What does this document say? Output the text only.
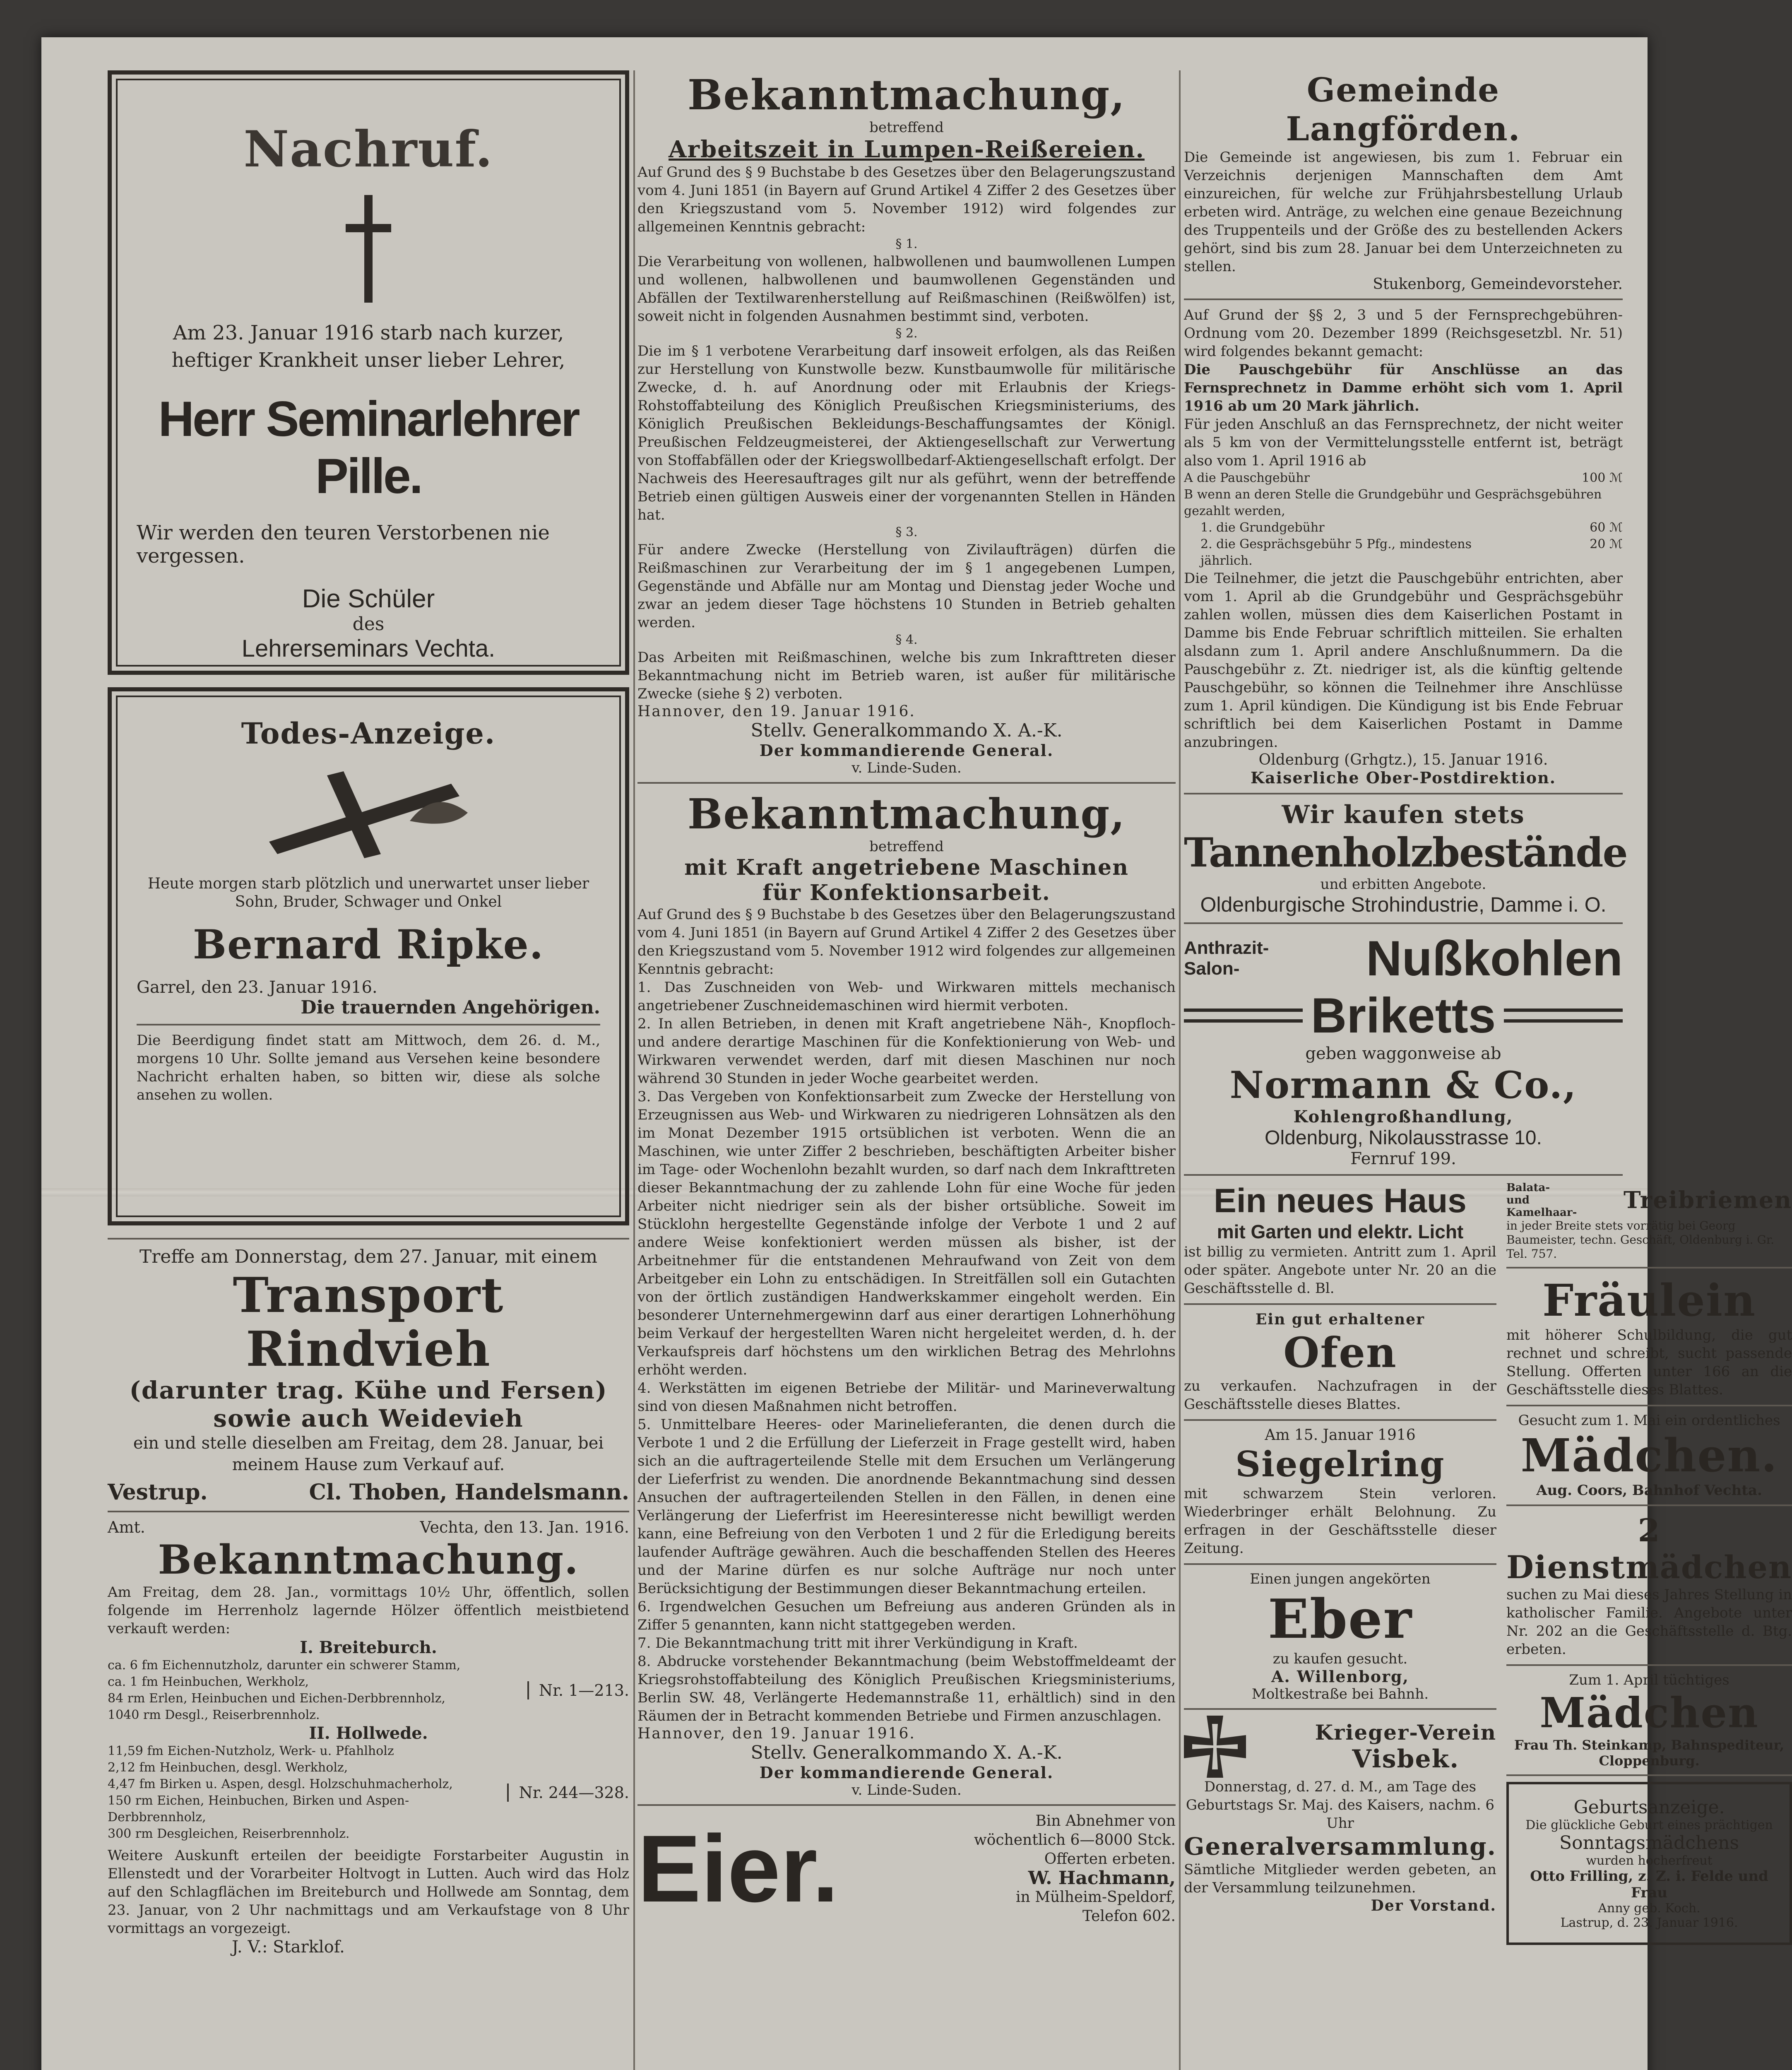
Nachruf.
Am 23. Januar 1916 starb nach kurzer, heftiger Krankheit unser lieber Lehrer,
Herr Seminarlehrer Pille.
Wir werden den teuren Verstorbenen nie vergessen.
Die Schüler
des
Lehrerseminars Vechta.
Todes-Anzeige.
Heute morgen starb plötzlich und unerwartet unser lieber Sohn, Bruder, Schwager und Onkel
Bernard Ripke.
Garrel, den 23. Januar 1916.
Die trauernden Angehörigen.
Die Beerdigung findet statt am Mittwoch, dem 26. d. M., morgens 10 Uhr. Sollte jemand aus Versehen keine besondere Nachricht erhalten haben, so bitten wir, diese als solche ansehen zu wollen.
Treffe am Donnerstag, dem 27. Januar, mit einem
Transport Rindvieh
(darunter trag. Kühe und Fersen)
sowie auch Weidevieh
ein und stelle dieselben am Freitag, dem 28. Januar, bei meinem Hause zum Verkauf auf.
Vestrup.	Cl. Thoben, Handelsmann.
Amt.	Vechta, den 13. Jan. 1916.
Bekanntmachung.
Am Freitag, dem 28. Jan., vormittags 10½ Uhr, öffentlich, sollen folgende im Herrenholz lagernde Hölzer öffentlich meistbietend verkauft werden:
I. Breiteburch.
ca. 6 fm Eichennutzholz, darunter ein schwerer Stamm,
ca. 1 fm Heinbuchen, Werkholz,
84 rm Erlen, Heinbuchen und Eichen-Derbbrennholz,
1040 rm Desgl., Reiserbrennholz.
Nr. 1—213.
II. Hollwede.
11,59 fm Eichen-Nutzholz, Werk- u. Pfahlholz
2,12 fm Heinbuchen, desgl. Werkholz,
4,47 fm Birken u. Aspen, desgl. Holzschuhmacherholz,
150 rm Eichen, Heinbuchen, Birken und Aspen-Derbbrennholz,
300 rm Desgleichen, Reiserbrennholz.
Nr. 244—328.
Weitere Auskunft erteilen der beeidigte Forstarbeiter Augustin in Ellenstedt und der Vorarbeiter Holtvogt in Lutten. Auch wird das Holz auf den Schlagflächen im Breiteburch und Hollwede am Sonntag, dem 23. Januar, von 2 Uhr nachmittags und am Verkaufstage von 8 Uhr vormittags an vorgezeigt.
J. V.: Starklof.
Bekanntmachung,
betreffend
Arbeitszeit in Lumpen-Reißereien.
Auf Grund des § 9 Buchstabe b des Gesetzes über den Belagerungszustand vom 4. Juni 1851 (in Bayern auf Grund Artikel 4 Ziffer 2 des Gesetzes über den Kriegszustand vom 5. November 1912) wird folgendes zur allgemeinen Kenntnis gebracht:
§ 1.
Die Verarbeitung von wollenen, halbwollenen und baumwollenen Lumpen und wollenen, halbwollenen und baumwollenen Gegenständen und Abfällen der Textilwarenherstellung auf Reißmaschinen (Reißwölfen) ist, soweit nicht in folgenden Ausnahmen bestimmt sind, verboten.
§ 2.
Die im § 1 verbotene Verarbeitung darf insoweit erfolgen, als das Reißen zur Herstellung von Kunstwolle bezw. Kunstbaumwolle für militärische Zwecke, d. h. auf Anordnung oder mit Erlaubnis der Kriegs-Rohstoffabteilung des Königlich Preußischen Kriegsministeriums, des Königlich Preußischen Bekleidungs-Beschaffungsamtes der Königl. Preußischen Feldzeugmeisterei, der Aktiengesellschaft zur Verwertung von Stoffabfällen oder der Kriegswollbedarf-Aktiengesellschaft erfolgt. Der Nachweis des Heeresauftrages gilt nur als geführt, wenn der betreffende Betrieb einen gültigen Ausweis einer der vorgenannten Stellen in Händen hat.
§ 3.
Für andere Zwecke (Herstellung von Zivilaufträgen) dürfen die Reißmaschinen zur Verarbeitung der im § 1 angegebenen Lumpen, Gegenstände und Abfälle nur am Montag und Dienstag jeder Woche und zwar an jedem dieser Tage höchstens 10 Stunden in Betrieb gehalten werden.
§ 4.
Das Arbeiten mit Reißmaschinen, welche bis zum Inkrafttreten dieser Bekanntmachung nicht im Betrieb waren, ist außer für militärische Zwecke (siehe § 2) verboten.
Hannover, den 19. Januar 1916.
Stellv. Generalkommando X. A.-K.
Der kommandierende General.
v. Linde-Suden.
Bekanntmachung,
betreffend
mit Kraft angetriebene Maschinen
für Konfektionsarbeit.
Auf Grund des § 9 Buchstabe b des Gesetzes über den Belagerungszustand vom 4. Juni 1851 (in Bayern auf Grund Artikel 4 Ziffer 2 des Gesetzes über den Kriegszustand vom 5. November 1912 wird folgendes zur allgemeinen Kenntnis gebracht:
1. Das Zuschneiden von Web- und Wirkwaren mittels mechanisch angetriebener Zuschneidemaschinen wird hiermit verboten.
2. In allen Betrieben, in denen mit Kraft angetriebene Näh-, Knopfloch- und andere derartige Maschinen für die Konfektionierung von Web- und Wirkwaren verwendet werden, darf mit diesen Maschinen nur noch während 30 Stunden in jeder Woche gearbeitet werden.
3. Das Vergeben von Konfektionsarbeit zum Zwecke der Herstellung von Erzeugnissen aus Web- und Wirkwaren zu niedrigeren Lohnsätzen als den im Monat Dezember 1915 ortsüblichen ist verboten. Wenn die an Maschinen, wie unter Ziffer 2 beschrieben, beschäftigten Arbeiter bisher im Tage- oder Wochenlohn bezahlt wurden, so darf nach dem Inkrafttreten dieser Bekanntmachung der zu zahlende Lohn für eine Woche für jeden Arbeiter nicht niedriger sein als der bisher ortsübliche. Soweit im Stücklohn hergestellte Gegenstände infolge der Verbote 1 und 2 auf andere Weise konfektioniert werden müssen als bisher, ist der Arbeitnehmer für die entstandenen Mehraufwand von Zeit von dem Arbeitgeber ein Lohn zu entschädigen. In Streitfällen soll ein Gutachten von der örtlich zuständigen Handwerkskammer eingeholt werden. Ein besonderer Unternehmergewinn darf aus einer derartigen Lohnerhöhung beim Verkauf der hergestellten Waren nicht hergeleitet werden, d. h. der Verkaufspreis darf höchstens um den wirklichen Betrag des Mehrlohns erhöht werden.
4. Werkstätten im eigenen Betriebe der Militär- und Marineverwaltung sind von diesen Maßnahmen nicht betroffen.
5. Unmittelbare Heeres- oder Marinelieferanten, die denen durch die Verbote 1 und 2 die Erfüllung der Lieferzeit in Frage gestellt wird, haben sich an die auftragerteilende Stelle mit dem Ersuchen um Verlängerung der Lieferfrist zu wenden. Die anordnende Bekanntmachung sind dessen Ansuchen der auftragerteilenden Stellen in den Fällen, in denen eine Verlängerung der Lieferfrist im Heeresinteresse nicht bewilligt werden kann, eine Befreiung von den Verboten 1 und 2 für die Erledigung bereits laufender Aufträge gewähren. Auch die beschaffenden Stellen des Heeres und der Marine dürfen es nur solche Aufträge nur noch unter Berücksichtigung der Bestimmungen dieser Bekanntmachung erteilen.
6. Irgendwelchen Gesuchen um Befreiung aus anderen Gründen als in Ziffer 5 genannten, kann nicht stattgegeben werden.
7. Die Bekanntmachung tritt mit ihrer Verkündigung in Kraft.
8. Abdrucke vorstehender Bekanntmachung (beim Webstoffmeldeamt der Kriegsrohstoffabteilung des Königlich Preußischen Kriegsministeriums, Berlin SW. 48, Verlängerte Hedemannstraße 11, erhältlich) sind in den Räumen der in Betracht kommenden Betriebe und Firmen anzuschlagen.
Hannover, den 19. Januar 1916.
Stellv. Generalkommando X. A.-K.
Der kommandierende General.
v. Linde-Suden.
Eier.	Bin Abnehmer von wöchentlich 6—8000 Stck. Offerten erbeten.
W. Hachmann,
in Mülheim-Speldorf,
Telefon 602.
Gemeinde Langförden.
Die Gemeinde ist angewiesen, bis zum 1. Februar ein Verzeichnis derjenigen Mannschaften dem Amt einzureichen, für welche zur Frühjahrsbestellung Urlaub erbeten wird. Anträge, zu welchen eine genaue Bezeichnung des Truppenteils und der Größe des zu bestellenden Ackers gehört, sind bis zum 28. Januar bei dem Unterzeichneten zu stellen.
Stukenborg, Gemeindevorsteher.
Auf Grund der §§ 2, 3 und 5 der Fernsprechgebühren-Ordnung vom 20. Dezember 1899 (Reichsgesetzbl. Nr. 51) wird folgendes bekannt gemacht:
Die Pauschgebühr für Anschlüsse an das Fernsprechnetz in Damme erhöht sich vom 1. April 1916 ab um 20 Mark jährlich.
Für jeden Anschluß an das Fernsprechnetz, der nicht weiter als 5 km von der Vermittelungsstelle entfernt ist, beträgt also vom 1. April 1916 ab
A die Pauschgebühr	100 ℳ
B wenn an deren Stelle die Grundgebühr und Gesprächsgebühren gezahlt werden,
1. die Grundgebühr	60 ℳ
2. die Gesprächsgebühr 5 Pfg., mindestens	20 ℳ
jährlich.
Die Teilnehmer, die jetzt die Pauschgebühr entrichten, aber vom 1. April ab die Grundgebühr und Gesprächsgebühr zahlen wollen, müssen dies dem Kaiserlichen Postamt in Damme bis Ende Februar schriftlich mitteilen. Sie erhalten alsdann zum 1. April andere Anschlußnummern. Da die Pauschgebühr z. Zt. niedriger ist, als die künftig geltende Pauschgebühr, so können die Teilnehmer ihre Anschlüsse zum 1. April kündigen. Die Kündigung ist bis Ende Februar schriftlich bei dem Kaiserlichen Postamt in Damme anzubringen.
Oldenburg (Grhgtz.), 15. Januar 1916.
Kaiserliche Ober-Postdirektion.
Wir kaufen stets
Tannenholzbestände
und erbitten Angebote.
Oldenburgische Strohindustrie, Damme i. O.
Anthrazit-
Salon-	Nußkohlen
Briketts
geben waggonweise ab
Normann & Co.,
Kohlengroßhandlung,
Oldenburg, Nikolausstrasse 10.
Fernruf 199.
Ein neues Haus
mit Garten und elektr. Licht
ist billig zu vermieten. Antritt zum 1. April oder später. Angebote unter Nr. 20 an die Geschäftsstelle d. Bl.
Ein gut erhaltener
Ofen
zu verkaufen. Nachzufragen in der Geschäftsstelle dieses Blattes.
Am 15. Januar 1916
Siegelring
mit schwarzem Stein verloren. Wiederbringer erhält Belohnung. Zu erfragen in der Geschäftsstelle dieser Zeitung.
Einen jungen angekörten
Eber
zu kaufen gesucht.
A. Willenborg,
Moltkestraße bei Bahnh.
Krieger-Verein
Visbek.
Donnerstag, d. 27. d. M., am Tage des Geburtstags Sr. Maj. des Kaisers, nachm. 6 Uhr
Generalversammlung.
Sämtliche Mitglieder werden gebeten, an der Versammlung teilzunehmen.
Der Vorstand.
Balata- und Kamelhaar- Treibriemen
in jeder Breite stets vorrätig bei Georg Baumeister, techn. Geschäft, Oldenburg i. Gr. Tel. 757.
Fräulein
mit höherer Schulbildung, die gut rechnet und schreibt, sucht passende Stellung. Offerten unter 166 an die Geschäftsstelle dieses Blattes.
Gesucht zum 1. Mai ein ordentliches
Mädchen.
Aug. Coors, Bahnhof Vechta.
2 Dienstmädchen
suchen zu Mai dieses Jahres Stellung in katholischer Familie. Angebote unter Nr. 202 an die Geschäftsstelle d. Btg. erbeten.
Zum 1. April tüchtiges
Mädchen
Frau Th. Steinkamp, Bahnspediteur, Cloppenburg.
Geburtsanzeige.
Die glückliche Geburt eines prächtigen
Sonntagsmädchens
wurden hocherfreut
Otto Frilling, z. Z. i. Felde und Frau
Anny geb. Koch.
Lastrup, d. 23. Januar 1916.
